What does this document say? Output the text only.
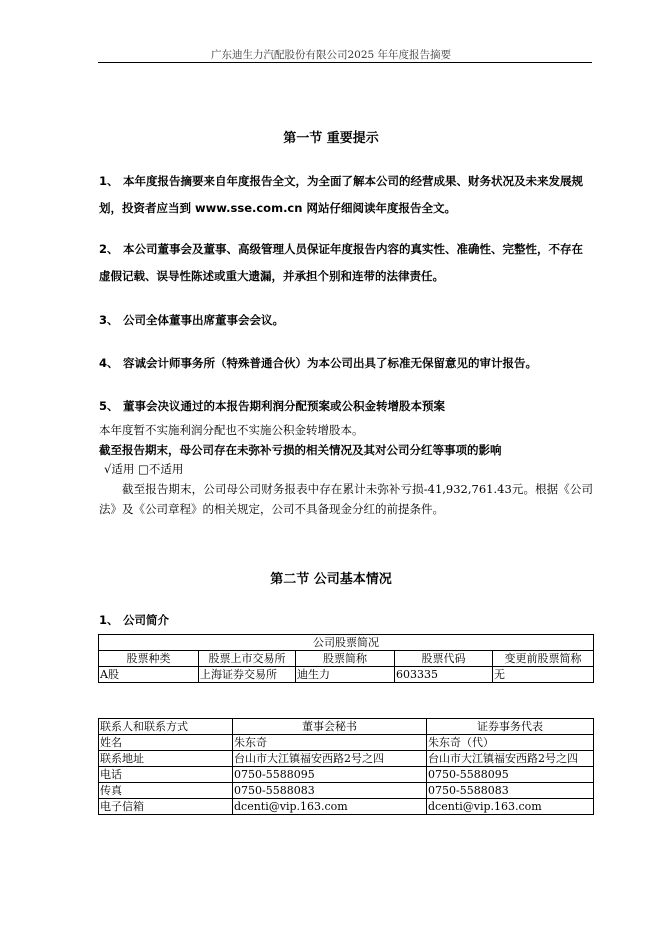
广东迪生力汽配股份有限公司2025 年年度报告摘要
第一节 重要提示
1、 本年度报告摘要来自年度报告全文，为全面了解本公司的经营成果、财务状况及未来发展规
划，投资者应当到 www.sse.com.cn 网站仔细阅读年度报告全文。
2、 本公司董事会及董事、高级管理人员保证年度报告内容的真实性、准确性、完整性，不存在
虚假记载、误导性陈述或重大遗漏，并承担个别和连带的法律责任。
3、 公司全体董事出席董事会会议。
4、 容诚会计师事务所（特殊普通合伙）为本公司出具了标准无保留意见的审计报告。
5、 董事会决议通过的本报告期利润分配预案或公积金转增股本预案
本年度暂不实施利润分配也不实施公积金转增股本。
截至报告期末，母公司存在未弥补亏损的相关情况及其对公司分红等事项的影响
√适用 □不适用
截至报告期末，公司母公司财务报表中存在累计未弥补亏损-41,932,761.43元。根据《公司法》及《公司章程》的相关规定，公司不具备现金分红的前提条件。
第二节 公司基本情况
1、 公司简介
公司股票简况				
股票种类	股票上市交易所	股票简称	股票代码	变更前股票简称
A股	上海证券交易所	迪生力	603335	无
联系人和联系方式	董事会秘书	证券事务代表
姓名	朱东奇	朱东奇（代）
联系地址	台山市大江镇福安西路2号之四	台山市大江镇福安西路2号之四
电话	0750-5588095	0750-5588095
传真	0750-5588083	0750-5588083
电子信箱	dcenti@vip.163.com	dcenti@vip.163.com
